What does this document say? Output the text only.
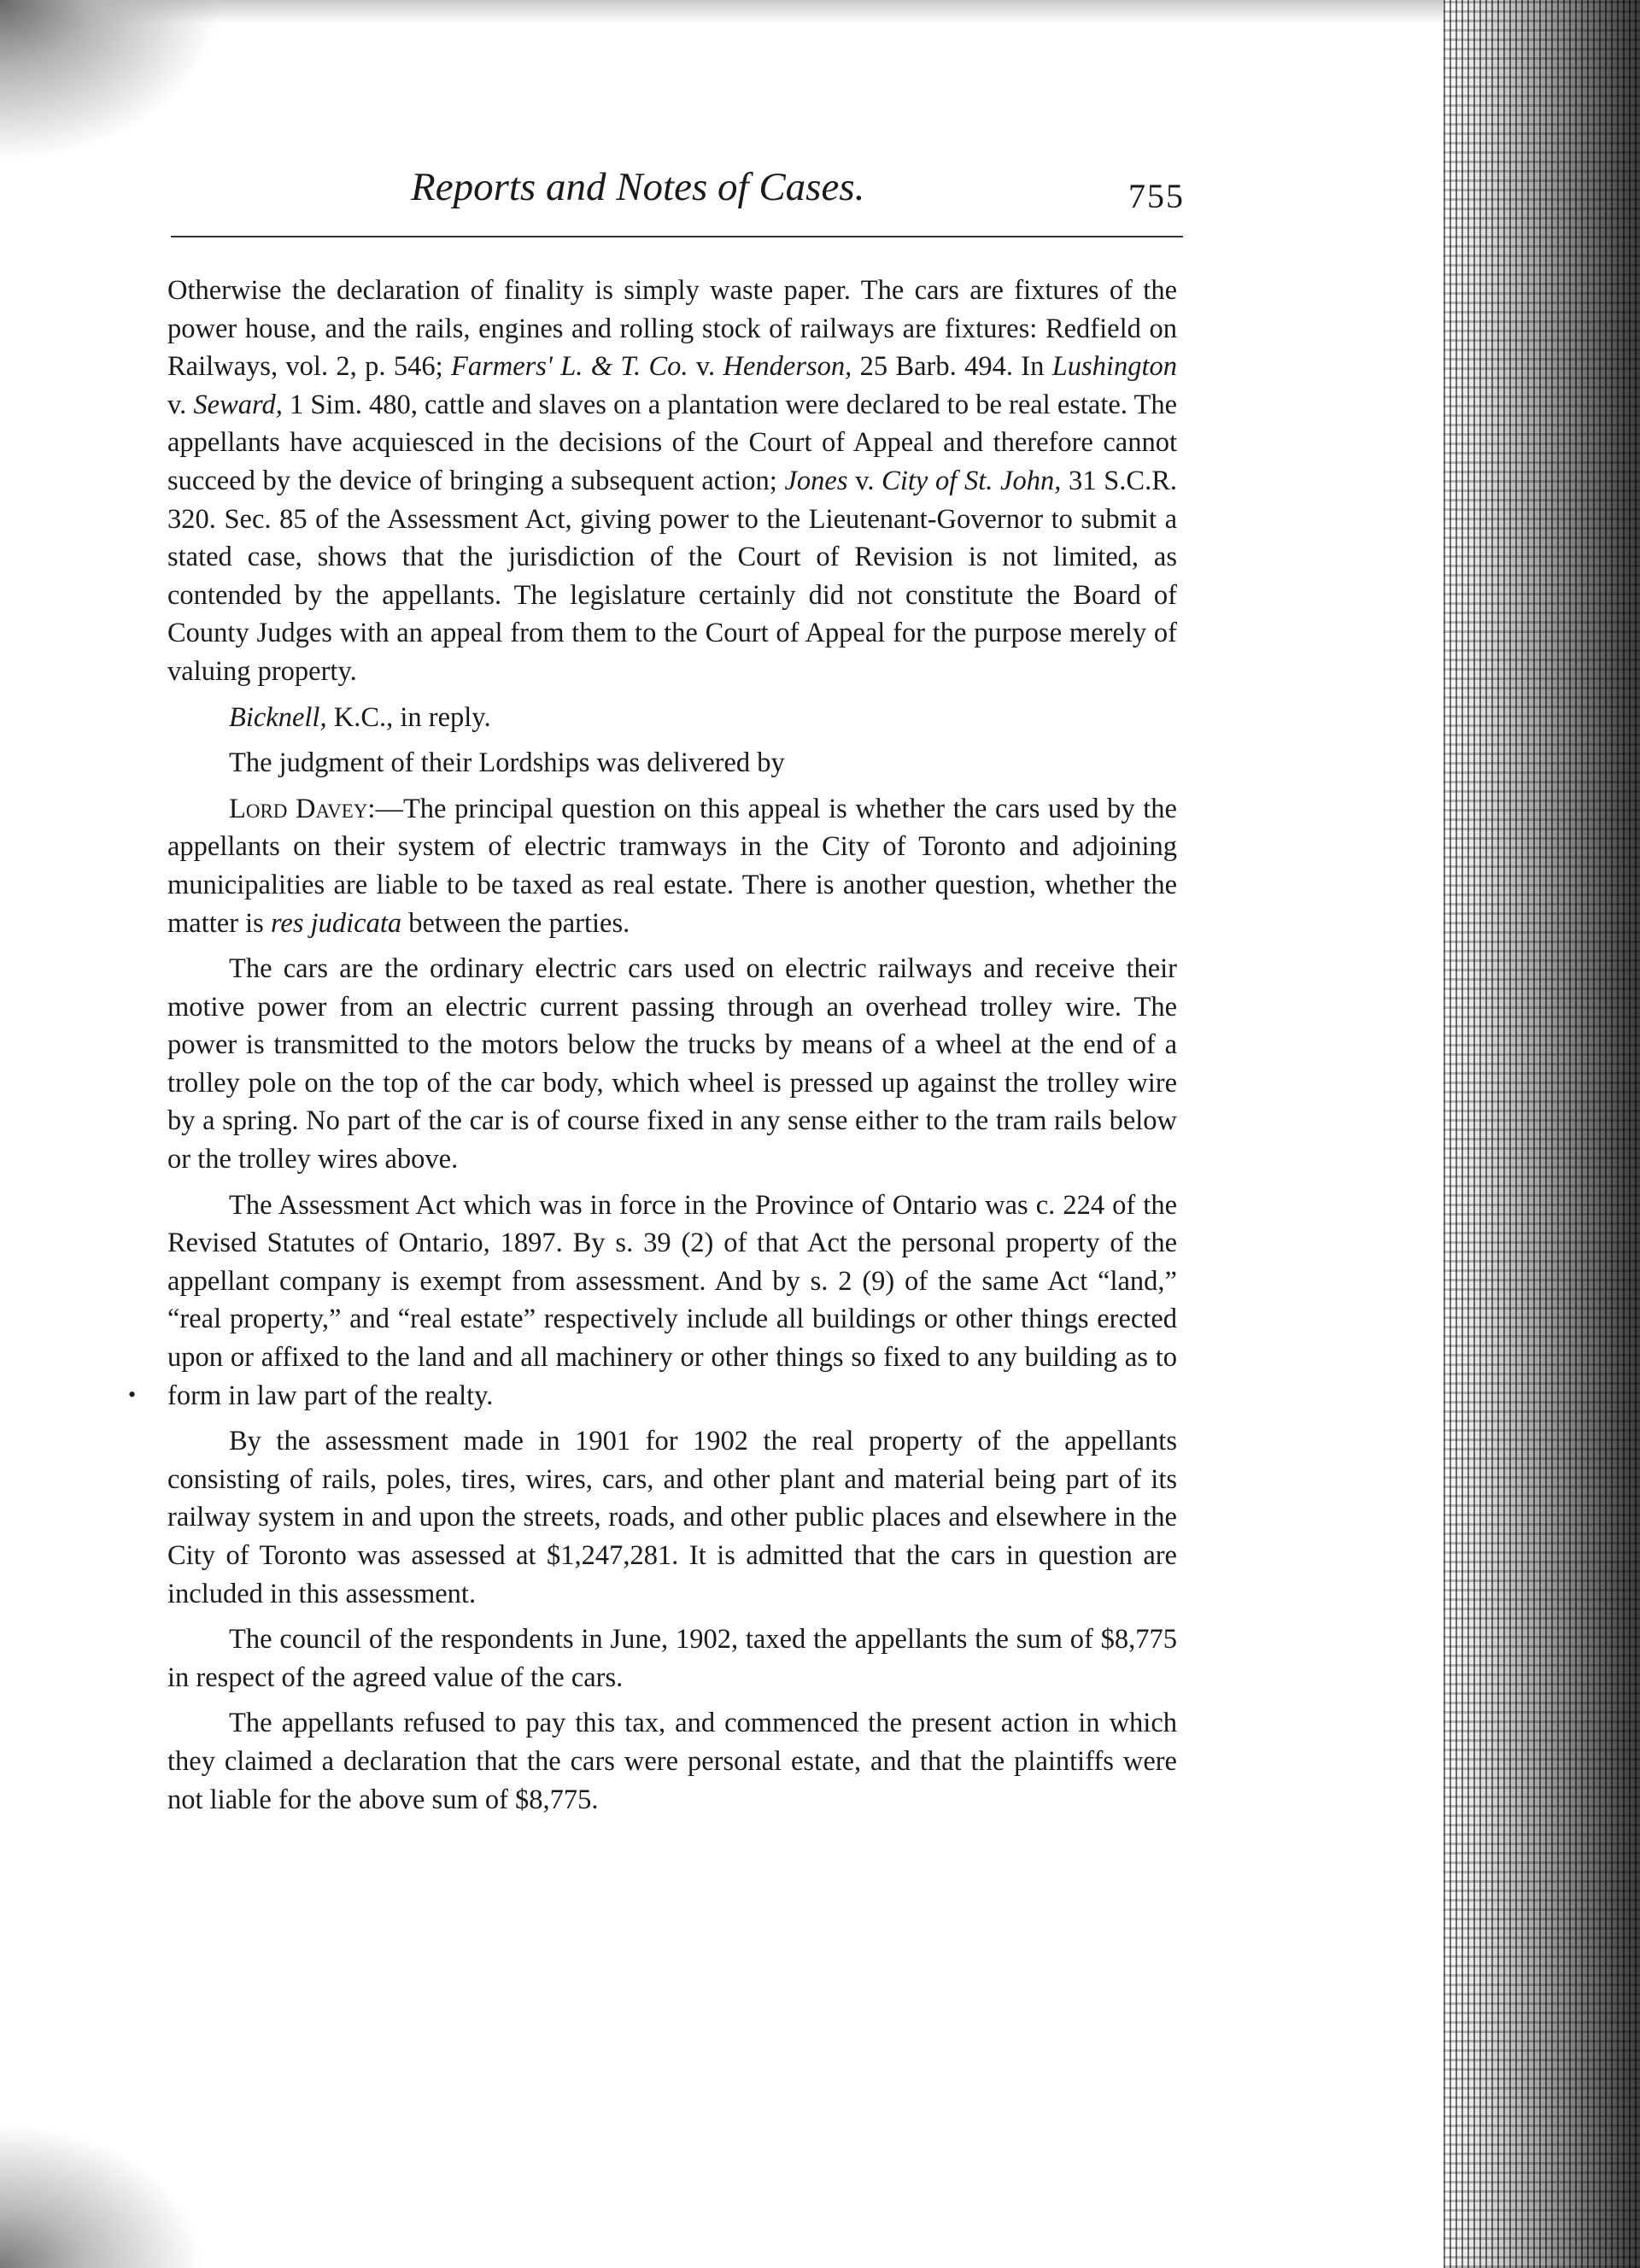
Reports and Notes of Cases.	755
•

Otherwise the declaration of finality is simply waste paper. The cars are fixtures of the power house, and the rails, engines and rolling stock of railways are fixtures: Redfield on Railways, vol. 2, p. 546; Farmers' L. & T. Co. v. Henderson, 25 Barb. 494. In Lushington v. Seward, 1 Sim. 480, cattle and slaves on a plantation were declared to be real estate. The appellants have acquiesced in the decisions of the Court of Appeal and therefore cannot succeed by the device of bringing a subsequent action; Jones v. City of St. John, 31 S.C.R. 320. Sec. 85 of the Assessment Act, giving power to the Lieutenant-Governor to submit a stated case, shows that the jurisdiction of the Court of Revision is not limited, as contended by the appellants. The legislature certainly did not constitute the Board of County Judges with an appeal from them to the Court of Appeal for the purpose merely of valuing property.

Bicknell, K.C., in reply.

The judgment of their Lordships was delivered by

Lord Davey:—The principal question on this appeal is whether the cars used by the appellants on their system of electric tramways in the City of Toronto and adjoining municipalities are liable to be taxed as real estate. There is another question, whether the matter is res judicata between the parties.

The cars are the ordinary electric cars used on electric railways and receive their motive power from an electric current passing through an overhead trolley wire. The power is transmitted to the motors below the trucks by means of a wheel at the end of a trolley pole on the top of the car body, which wheel is pressed up against the trolley wire by a spring. No part of the car is of course fixed in any sense either to the tram rails below or the trolley wires above.

The Assessment Act which was in force in the Province of Ontario was c. 224 of the Revised Statutes of Ontario, 1897. By s. 39 (2) of that Act the personal property of the appellant company is exempt from assessment. And by s. 2 (9) of the same Act “land,” “real property,” and “real estate” respectively include all buildings or other things erected upon or affixed to the land and all machinery or other things so fixed to any building as to form in law part of the realty.

By the assessment made in 1901 for 1902 the real property of the appellants consisting of rails, poles, tires, wires, cars, and other plant and material being part of its railway system in and upon the streets, roads, and other public places and elsewhere in the City of Toronto was assessed at $1,247,281. It is admitted that the cars in question are included in this assessment.

The council of the respondents in June, 1902, taxed the appellants the sum of $8,775 in respect of the agreed value of the cars.

The appellants refused to pay this tax, and commenced the present action in which they claimed a declaration that the cars were personal estate, and that the plaintiffs were not liable for the above sum of $8,775.
